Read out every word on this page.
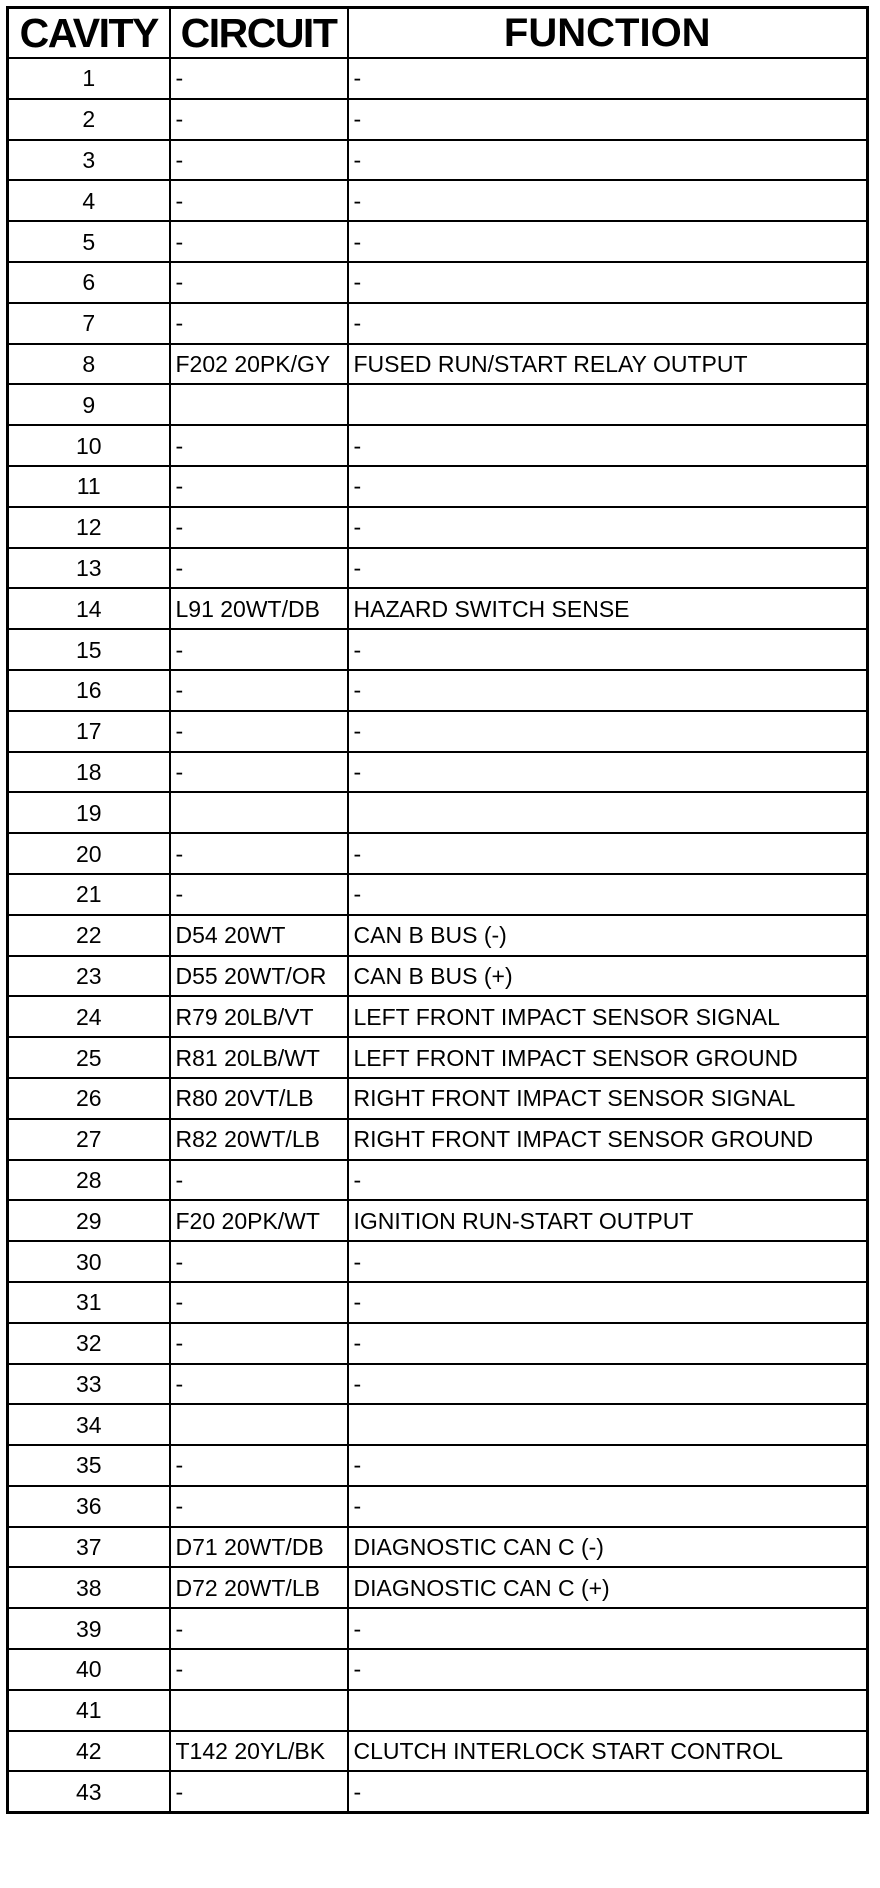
CAVITY	CIRCUIT	FUNCTION
1	-	-
2	-	-
3	-	-
4	-	-
5	-	-
6	-	-
7	-	-
8	F202 20PK/GY	FUSED RUN/START RELAY OUTPUT
9		
10	-	-
11	-	-
12	-	-
13	-	-
14	L91 20WT/DB	HAZARD SWITCH SENSE
15	-	-
16	-	-
17	-	-
18	-	-
19		
20	-	-
21	-	-
22	D54 20WT	CAN B BUS (-)
23	D55 20WT/OR	CAN B BUS (+)
24	R79 20LB/VT	LEFT FRONT IMPACT SENSOR SIGNAL
25	R81 20LB/WT	LEFT FRONT IMPACT SENSOR GROUND
26	R80 20VT/LB	RIGHT FRONT IMPACT SENSOR SIGNAL
27	R82 20WT/LB	RIGHT FRONT IMPACT SENSOR GROUND
28	-	-
29	F20 20PK/WT	IGNITION RUN-START OUTPUT
30	-	-
31	-	-
32	-	-
33	-	-
34		
35	-	-
36	-	-
37	D71 20WT/DB	DIAGNOSTIC CAN C (-)
38	D72 20WT/LB	DIAGNOSTIC CAN C (+)
39	-	-
40	-	-
41		
42	T142 20YL/BK	CLUTCH INTERLOCK START CONTROL
43	-	-
